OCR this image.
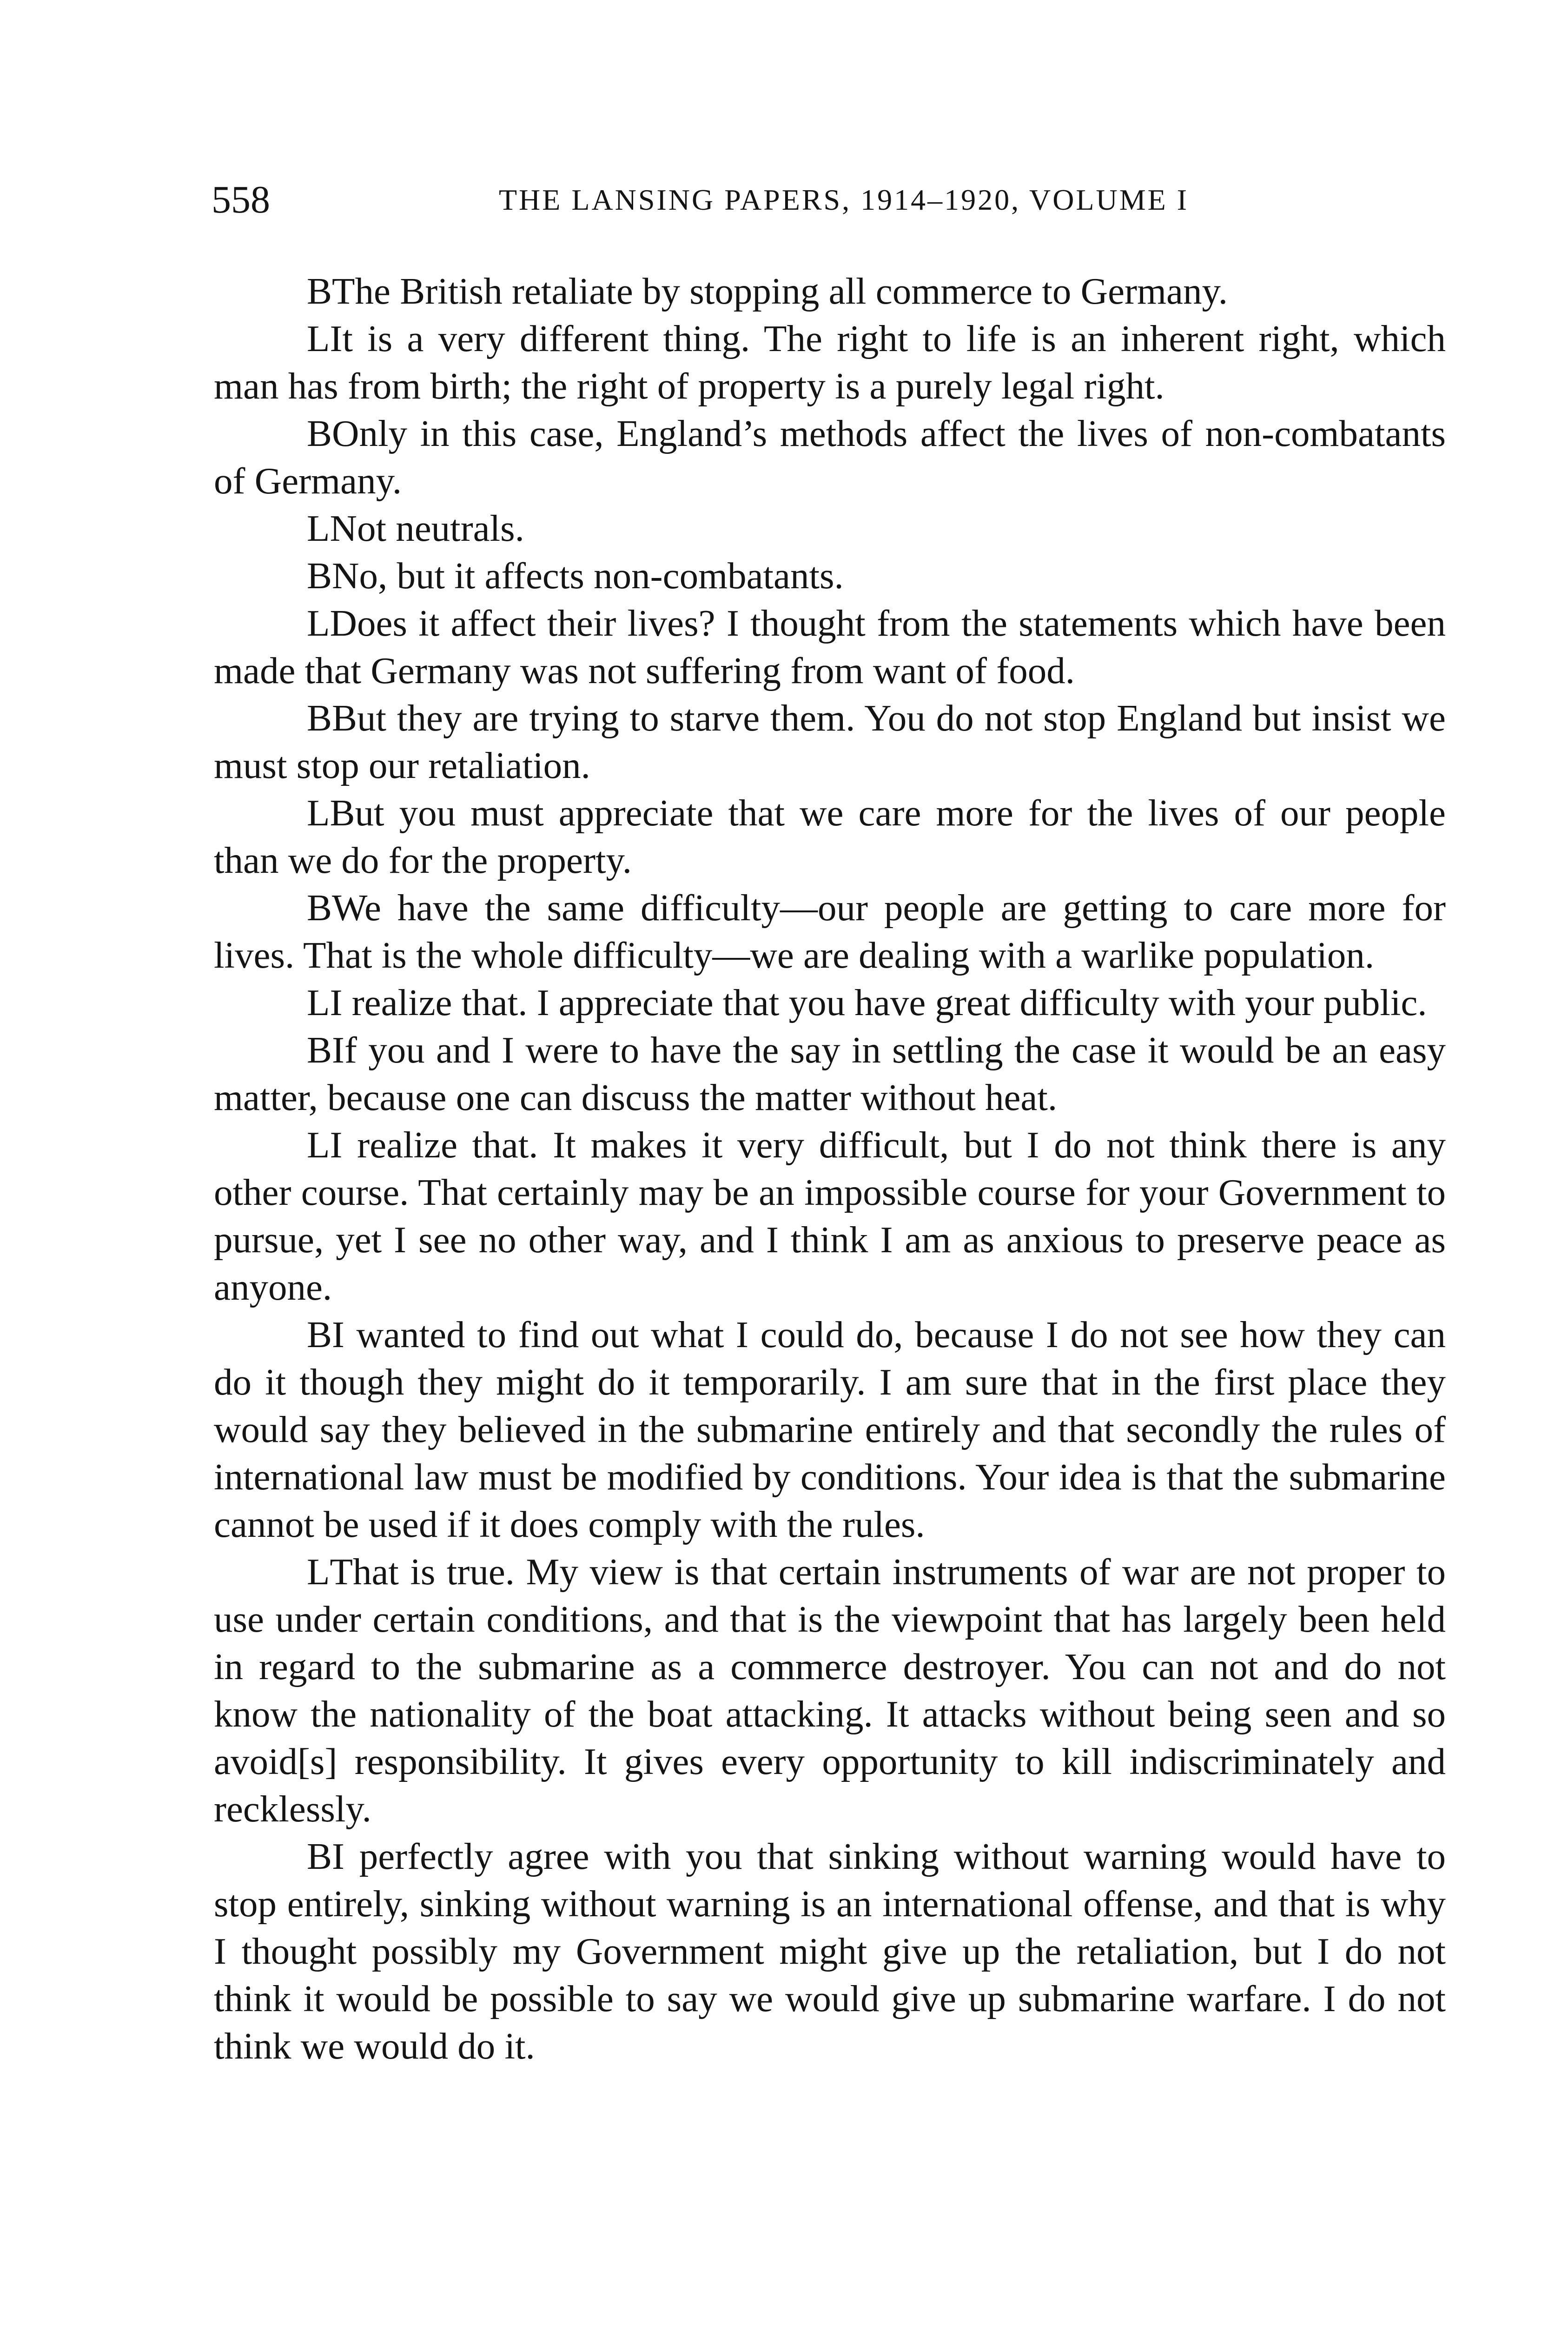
558	THE LANSING PAPERS, 1914–1920, VOLUME I

BThe British retaliate by stopping all commerce to Germany.

LIt is a very different thing. The right to life is an inherent right, which man has from birth; the right of property is a purely legal right.

BOnly in this case, England’s methods affect the lives of non-combatants of Germany.

LNot neutrals.

BNo, but it affects non-combatants.

LDoes it affect their lives? I thought from the statements which have been made that Germany was not suffering from want of food.

BBut they are trying to starve them. You do not stop England but insist we must stop our retaliation.

LBut you must appreciate that we care more for the lives of our people than we do for the property.

BWe have the same difficulty—our people are getting to care more for lives. That is the whole difficulty—we are dealing with a warlike population.

LI realize that. I appreciate that you have great difficulty with your public.

BIf you and I were to have the say in settling the case it would be an easy matter, because one can discuss the matter without heat.

LI realize that. It makes it very difficult, but I do not think there is any other course. That certainly may be an impossible course for your Government to pursue, yet I see no other way, and I think I am as anxious to preserve peace as anyone.

BI wanted to find out what I could do, because I do not see how they can do it though they might do it temporarily. I am sure that in the first place they would say they believed in the submarine entirely and that secondly the rules of international law must be modified by conditions. Your idea is that the submarine cannot be used if it does comply with the rules.

LThat is true. My view is that certain instruments of war are not proper to use under certain conditions, and that is the viewpoint that has largely been held in regard to the submarine as a commerce destroyer. You can not and do not know the nationality of the boat attacking. It attacks without being seen and so avoid[s] responsibility. It gives every opportunity to kill indiscriminately and recklessly.

BI perfectly agree with you that sinking without warning would have to stop entirely, sinking without warning is an international offense, and that is why I thought possibly my Government might give up the retaliation, but I do not think it would be possible to say we would give up submarine warfare. I do not think we would do it.
